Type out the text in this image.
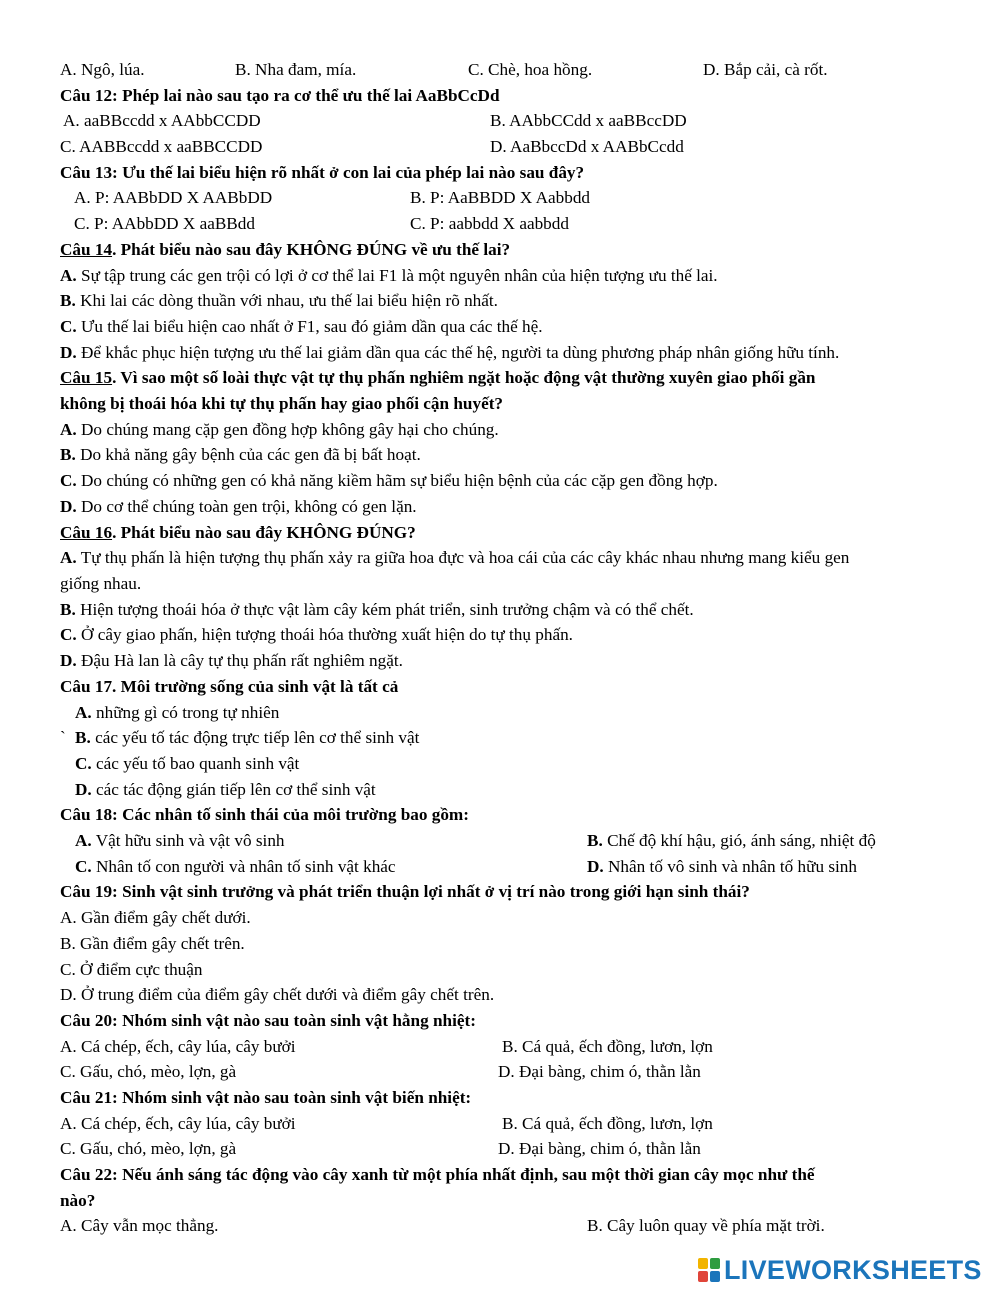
A. Ngô, lúa.	B. Nha đam, mía.	C. Chè, hoa hồng.	D. Bắp cải, cà rốt.
Câu 12: Phép lai nào sau tạo ra cơ thể ưu thế lai AaBbCcDd
A. aaBBccdd x AAbbCCDD	B. AAbbCCdd x aaBBccDD
C. AABBccdd x aaBBCCDD	D. AaBbccDd x AABbCcdd
Câu 13: Ưu thế lai biểu hiện rõ nhất ở con lai của phép lai nào sau đây?
A. P: AABbDD X AABbDD	B. P: AaBBDD X Aabbdd
C. P: AAbbDD X aaBBdd	C. P: aabbdd X aabbdd
Câu 14. Phát biểu nào sau đây KHÔNG ĐÚNG về ưu thế lai?
A. Sự tập trung các gen trội có lợi ở cơ thể lai F1 là một nguyên nhân của hiện tượng ưu thế lai.
B. Khi lai các dòng thuần với nhau, ưu thế lai biểu hiện rõ nhất.
C. Ưu thế lai biểu hiện cao nhất ở F1, sau đó giảm dần qua các thế hệ.
D. Để khắc phục hiện tượng ưu thế lai giảm dần qua các thế hệ, người ta dùng phương pháp nhân giống hữu tính.
Câu 15. Vì sao một số loài thực vật tự thụ phấn nghiêm ngặt hoặc động vật thường xuyên giao phối gần
không bị thoái hóa khi tự thụ phấn hay giao phối cận huyết?
A. Do chúng mang cặp gen đồng hợp không gây hại cho chúng.
B. Do khả năng gây bệnh của các gen đã bị bất hoạt.
C. Do chúng có những gen có khả năng kiềm hãm sự biểu hiện bệnh của các cặp gen đồng hợp.
D. Do cơ thể chúng toàn gen trội, không có gen lặn.
Câu 16. Phát biểu nào sau đây KHÔNG ĐÚNG?
A. Tự thụ phấn là hiện tượng thụ phấn xảy ra giữa hoa đực và hoa cái của các cây khác nhau nhưng mang kiểu gen
giống nhau.
B. Hiện tượng thoái hóa ở thực vật làm cây kém phát triển, sinh trưởng chậm và có thể chết.
C. Ở cây giao phấn, hiện tượng thoái hóa thường xuất hiện do tự thụ phấn.
D. Đậu Hà lan là cây tự thụ phấn rất nghiêm ngặt.
Câu 17. Môi trường sống của sinh vật là tất cả
A. những gì có trong tự nhiên
` B. các yếu tố tác động trực tiếp lên cơ thể sinh vật
C. các yếu tố bao quanh sinh vật
D. các tác động gián tiếp lên cơ thể sinh vật
Câu 18: Các nhân tố sinh thái của môi trường bao gồm:
A. Vật hữu sinh và vật vô sinh	B. Chế độ khí hậu, gió, ánh sáng, nhiệt độ
C. Nhân tố con người và nhân tố sinh vật khác	D. Nhân tố vô sinh và nhân tố hữu sinh
Câu 19: Sinh vật sinh trưởng và phát triển thuận lợi nhất ở vị trí nào trong giới hạn sinh thái?
A. Gần điểm gây chết dưới.
B. Gần điểm gây chết trên.
C. Ở điểm cực thuận
D. Ở trung điểm của điểm gây chết dưới và điểm gây chết trên.
Câu 20: Nhóm sinh vật nào sau toàn sinh vật hằng nhiệt:
A. Cá chép, ếch, cây lúa, cây bưởi	B. Cá quả, ếch đồng, lươn, lợn
C. Gấu, chó, mèo, lợn, gà	D. Đại bàng, chim ó, thằn lằn
Câu 21: Nhóm sinh vật nào sau toàn sinh vật biến nhiệt:
A. Cá chép, ếch, cây lúa, cây bưởi	B. Cá quả, ếch đồng, lươn, lợn
C. Gấu, chó, mèo, lợn, gà	D. Đại bàng, chim ó, thằn lằn
Câu 22: Nếu ánh sáng tác động vào cây xanh từ một phía nhất định, sau một thời gian cây mọc như thế
nào?
A. Cây vẫn mọc thẳng.	B. Cây luôn quay về phía mặt trời.
LIVEWORKSHEETS
